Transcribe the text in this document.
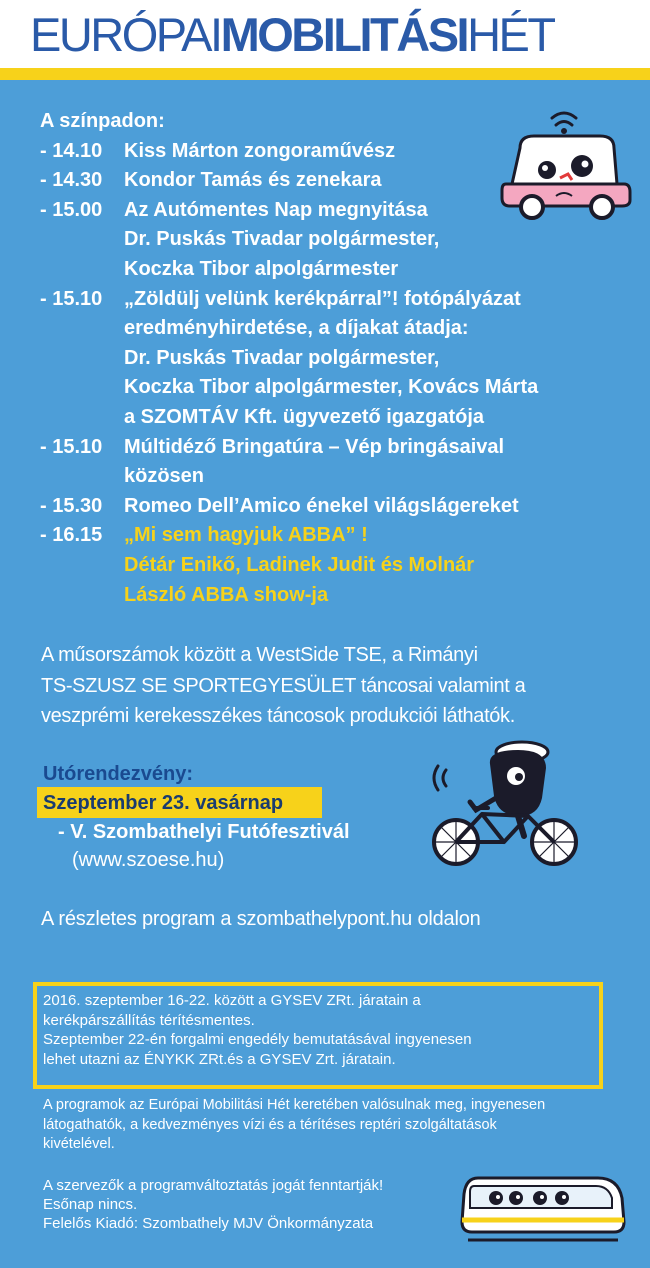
EURÓPAIMOBILITÁSIHÉT
A színpadon:
- 14.10	Kiss Márton zongoraművész
- 14.30	Kondor Tamás és zenekara
- 15.00	Az Autómentes Nap megnyitása
Dr. Puskás Tivadar polgármester,
Koczka Tibor alpolgármester
- 15.10	„Zöldülj velünk kerékpárral”! fotópályázat
eredményhirdetése, a díjakat átadja:
Dr. Puskás Tivadar polgármester,
Koczka Tibor alpolgármester, Kovács Márta
a SZOMTÁV Kft. ügyvezető igazgatója
- 15.10	Múltidéző Bringatúra – Vép bringásaival
közösen
- 15.30	Romeo Dell’Amico énekel világslágereket
- 16.15	„Mi sem hagyjuk ABBA” !
Détár Enikő, Ladinek Judit és Molnár
László ABBA show-ja
A műsorszámok között a WestSide TSE, a Rimányi
TS-SZUSZ SE SPORTEGYESÜLET táncosai valamint a
veszprémi kerekesszékes táncosok produkciói láthatók.
Utórendezvény:
Szeptember 23. vasárnap
- V. Szombathelyi Futófesztivál
(www.szoese.hu)
A részletes program a szombathelypont.hu oldalon
2016. szeptember 16-22. között a GYSEV ZRt. járatain a
kerékpárszállítás térítésmentes.
Szeptember 22-én forgalmi engedély bemutatásával ingyenesen
lehet utazni az ÉNYKK ZRt.és a GYSEV Zrt. járatain.
A programok az Európai Mobilitási Hét keretében valósulnak meg, ingyenesen
látogathatók, a kedvezményes vízi és a térítéses reptéri szolgáltatások
kivételével.
A szervezők a programváltoztatás jogát fenntartják!
Esőnap nincs.
Felelős Kiadó: Szombathely MJV Önkormányzata
